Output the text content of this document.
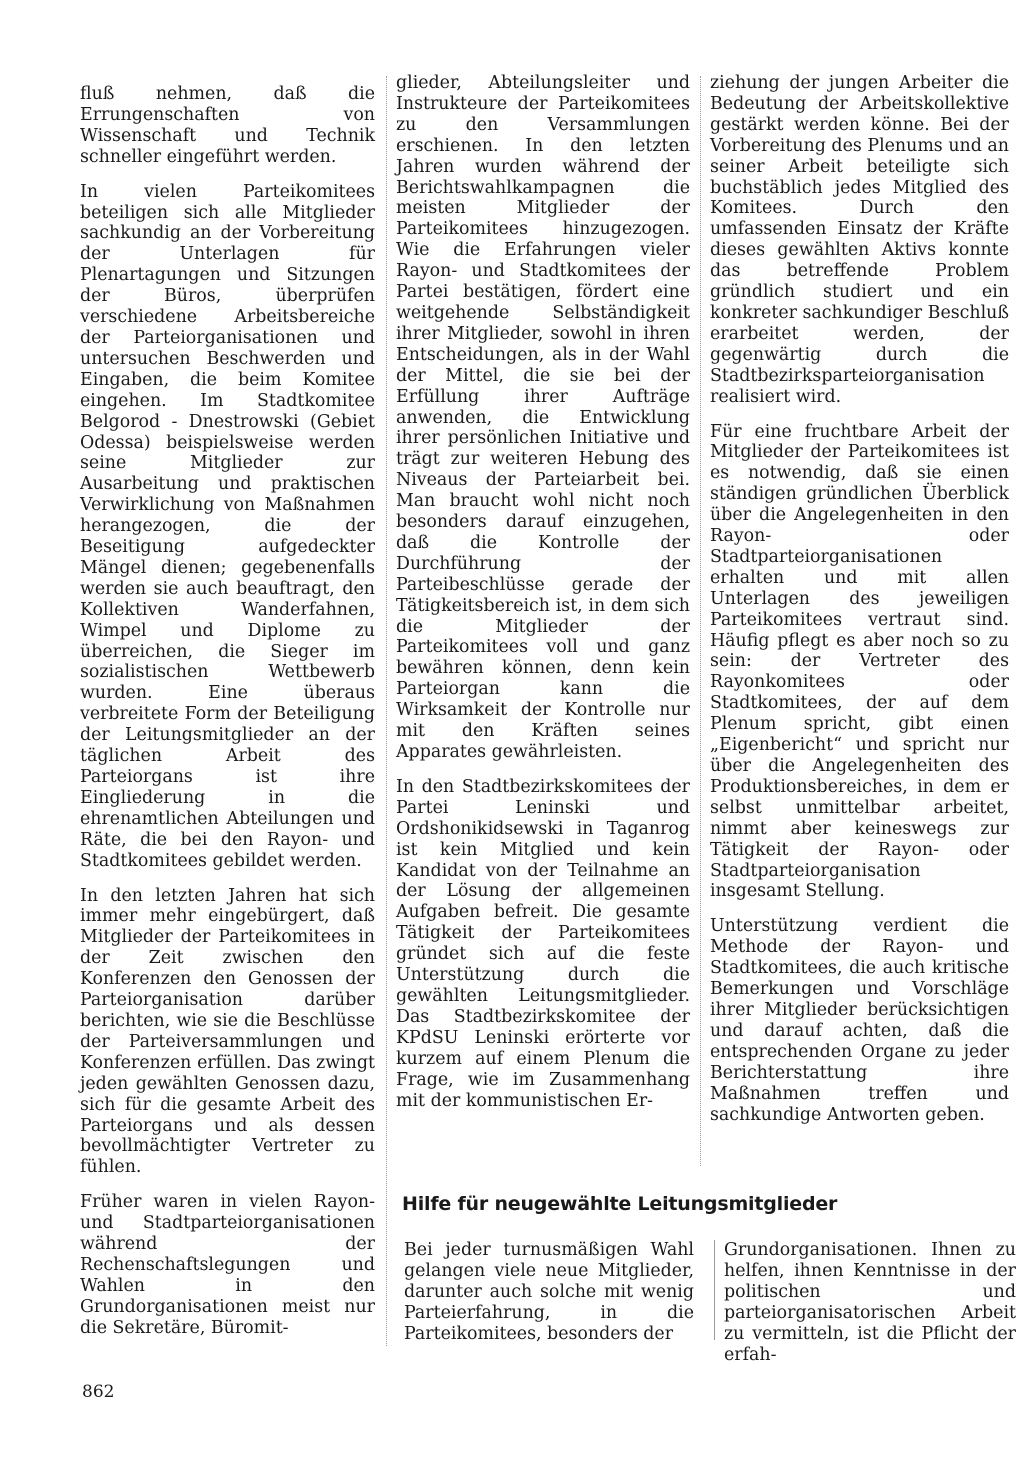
fluß nehmen, daß die Errungenschaften von Wissenschaft und Technik schneller eingeführt werden.

In vielen Parteikomitees beteiligen sich alle Mitglieder sachkundig an der Vorbereitung der Unterlagen für Plenartagungen und Sitzungen der Büros, überprüfen verschiedene Arbeitsbereiche der Parteiorganisationen und untersuchen Beschwerden und Eingaben, die beim Komitee eingehen. Im Stadtkomitee Belgorod - Dnestrowski (Gebiet Odessa) beispielsweise werden seine Mitglieder zur Ausarbeitung und praktischen Verwirklichung von Maßnahmen herangezogen, die der Beseitigung aufgedeckter Mängel dienen; gegebenenfalls werden sie auch beauftragt, den Kollektiven Wanderfahnen, Wimpel und Diplome zu überreichen, die Sieger im sozialistischen Wettbewerb wurden. Eine überaus verbreitete Form der Beteiligung der Leitungsmitglieder an der täglichen Arbeit des Parteiorgans ist ihre Eingliederung in die ehrenamtlichen Abteilungen und Räte, die bei den Rayon- und Stadtkomitees gebildet werden.

In den letzten Jahren hat sich immer mehr eingebürgert, daß Mitglieder der Parteikomitees in der Zeit zwischen den Konferenzen den Genossen der Parteiorganisation darüber berichten, wie sie die Beschlüsse der Parteiversammlungen und Konferenzen erfüllen. Das zwingt jeden gewählten Genossen dazu, sich für die gesamte Arbeit des Parteiorgans und als dessen bevollmächtigter Vertreter zu fühlen.

Früher waren in vielen Rayon- und Stadtparteiorganisationen während der Rechenschaftslegungen und Wahlen in den Grundorganisationen meist nur die Sekretäre, Büromit-

glieder, Abteilungsleiter und Instrukteure der Parteikomitees zu den Versammlungen erschienen. In den letzten Jahren wurden während der Berichtswahlkampagnen die meisten Mitglieder der Parteikomitees hinzugezogen. Wie die Erfahrungen vieler Rayon- und Stadtkomitees der Partei bestätigen, fördert eine weitgehende Selbständigkeit ihrer Mitglieder, sowohl in ihren Entscheidungen, als in der Wahl der Mittel, die sie bei der Erfüllung ihrer Aufträge anwenden, die Entwicklung ihrer persönlichen Initiative und trägt zur weiteren Hebung des Niveaus der Parteiarbeit bei. Man braucht wohl nicht noch besonders darauf einzugehen, daß die Kontrolle der Durchführung der Parteibeschlüsse gerade der Tätigkeitsbereich ist, in dem sich die Mitglieder der Parteikomitees voll und ganz bewähren können, denn kein Parteiorgan kann die Wirksamkeit der Kontrolle nur mit den Kräften seines Apparates gewährleisten.

In den Stadtbezirkskomitees der Partei Leninski und Ordshonikidsewski in Taganrog ist kein Mitglied und kein Kandidat von der Teilnahme an der Lösung der allgemeinen Aufgaben befreit. Die gesamte Tätigkeit der Parteikomitees gründet sich auf die feste Unterstützung durch die gewählten Leitungsmitglieder. Das Stadtbezirkskomitee der KPdSU Leninski erörterte vor kurzem auf einem Plenum die Frage, wie im Zusammenhang mit der kommunistischen Er-

ziehung der jungen Arbeiter die Bedeutung der Arbeitskollektive gestärkt werden könne. Bei der Vorbereitung des Plenums und an seiner Arbeit beteiligte sich buchstäblich jedes Mitglied des Komitees. Durch den umfassenden Einsatz der Kräfte dieses gewählten Aktivs konnte das betreffende Problem gründlich studiert und ein konkreter sachkundiger Beschluß erarbeitet werden, der gegenwärtig durch die Stadtbezirksparteiorganisation realisiert wird.

Für eine fruchtbare Arbeit der Mitglieder der Parteikomitees ist es notwendig, daß sie einen ständigen gründlichen Überblick über die Angelegenheiten in den Rayon- oder Stadtparteiorganisationen erhalten und mit allen Unterlagen des jeweiligen Parteikomitees vertraut sind. Häufig pflegt es aber noch so zu sein: der Vertreter des Rayonkomitees oder Stadtkomitees, der auf dem Plenum spricht, gibt einen „Eigenbericht“ und spricht nur über die Angelegenheiten des Produktionsbereiches, in dem er selbst unmittelbar arbeitet, nimmt aber keineswegs zur Tätigkeit der Rayon- oder Stadtparteiorganisation insgesamt Stellung.

Unterstützung verdient die Methode der Rayon- und Stadtkomitees, die auch kritische Bemerkungen und Vorschläge ihrer Mitglieder berücksichtigen und darauf achten, daß die entsprechenden Organe zu jeder Berichterstattung ihre Maßnahmen treffen und sachkundige Antworten geben.

Hilfe für neugewählte Leitungsmitglieder

Bei jeder turnusmäßigen Wahl gelangen viele neue Mitglieder, darunter auch solche mit wenig Parteierfahrung, in die Parteikomitees, besonders der

Grundorganisationen. Ihnen zu helfen, ihnen Kenntnisse in der politischen und parteiorganisatorischen Arbeit zu vermitteln, ist die Pflicht der erfah-

862
